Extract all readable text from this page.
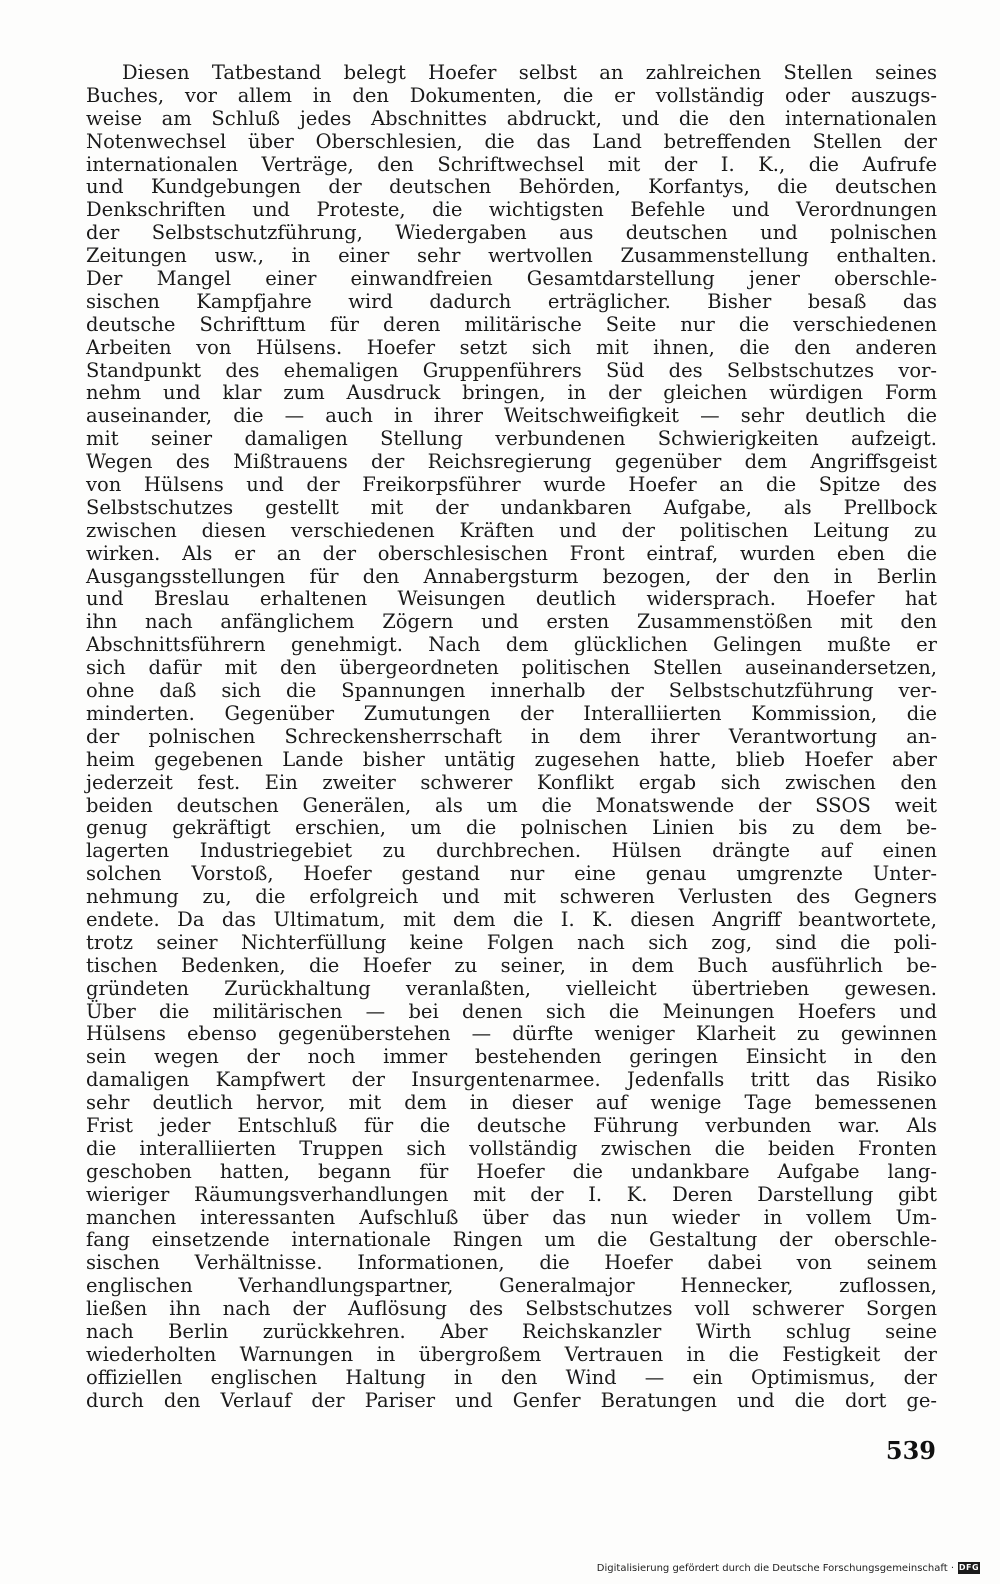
Diesen Tatbestand belegt Hoefer selbst an zahlreichen Stellen seines
Buches, vor allem in den Dokumenten, die er vollständig oder auszugs-
weise am Schluß jedes Abschnittes abdruckt, und die den internationalen
Notenwechsel über Oberschlesien, die das Land betreffenden Stellen der
internationalen Verträge, den Schriftwechsel mit der I. K., die Aufrufe
und Kundgebungen der deutschen Behörden, Korfantys, die deutschen
Denkschriften und Proteste, die wichtigsten Befehle und Verordnungen
der Selbstschutzführung, Wiedergaben aus deutschen und polnischen
Zeitungen usw., in einer sehr wertvollen Zusammenstellung enthalten.
Der Mangel einer einwandfreien Gesamtdarstellung jener oberschle-
sischen Kampfjahre wird dadurch erträglicher. Bisher besaß das
deutsche Schrifttum für deren militärische Seite nur die verschiedenen
Arbeiten von Hülsens. Hoefer setzt sich mit ihnen, die den anderen
Standpunkt des ehemaligen Gruppenführers Süd des Selbstschutzes vor-
nehm und klar zum Ausdruck bringen, in der gleichen würdigen Form
auseinander, die — auch in ihrer Weitschweifigkeit — sehr deutlich die
mit seiner damaligen Stellung verbundenen Schwierigkeiten aufzeigt.
Wegen des Mißtrauens der Reichsregierung gegenüber dem Angriffsgeist
von Hülsens und der Freikorpsführer wurde Hoefer an die Spitze des
Selbstschutzes gestellt mit der undankbaren Aufgabe, als Prellbock
zwischen diesen verschiedenen Kräften und der politischen Leitung zu
wirken. Als er an der oberschlesischen Front eintraf, wurden eben die
Ausgangsstellungen für den Annabergsturm bezogen, der den in Berlin
und Breslau erhaltenen Weisungen deutlich widersprach. Hoefer hat
ihn nach anfänglichem Zögern und ersten Zusammenstößen mit den
Abschnittsführern genehmigt. Nach dem glücklichen Gelingen mußte er
sich dafür mit den übergeordneten politischen Stellen auseinandersetzen,
ohne daß sich die Spannungen innerhalb der Selbstschutzführung ver-
minderten. Gegenüber Zumutungen der Interalliierten Kommission, die
der polnischen Schreckensherrschaft in dem ihrer Verantwortung an-
heim gegebenen Lande bisher untätig zugesehen hatte, blieb Hoefer aber
jederzeit fest. Ein zweiter schwerer Konflikt ergab sich zwischen den
beiden deutschen Generälen, als um die Monatswende der SSOS weit
genug gekräftigt erschien, um die polnischen Linien bis zu dem be-
lagerten Industriegebiet zu durchbrechen. Hülsen drängte auf einen
solchen Vorstoß, Hoefer gestand nur eine genau umgrenzte Unter-
nehmung zu, die erfolgreich und mit schweren Verlusten des Gegners
endete. Da das Ultimatum, mit dem die I. K. diesen Angriff beantwortete,
trotz seiner Nichterfüllung keine Folgen nach sich zog, sind die poli-
tischen Bedenken, die Hoefer zu seiner, in dem Buch ausführlich be-
gründeten Zurückhaltung veranlaßten, vielleicht übertrieben gewesen.
Über die militärischen — bei denen sich die Meinungen Hoefers und
Hülsens ebenso gegenüberstehen — dürfte weniger Klarheit zu gewinnen
sein wegen der noch immer bestehenden geringen Einsicht in den
damaligen Kampfwert der Insurgentenarmee. Jedenfalls tritt das Risiko
sehr deutlich hervor, mit dem in dieser auf wenige Tage bemessenen
Frist jeder Entschluß für die deutsche Führung verbunden war. Als
die interalliierten Truppen sich vollständig zwischen die beiden Fronten
geschoben hatten, begann für Hoefer die undankbare Aufgabe lang-
wieriger Räumungsverhandlungen mit der I. K. Deren Darstellung gibt
manchen interessanten Aufschluß über das nun wieder in vollem Um-
fang einsetzende internationale Ringen um die Gestaltung der oberschle-
sischen Verhältnisse. Informationen, die Hoefer dabei von seinem
englischen Verhandlungspartner, Generalmajor Hennecker, zuflossen,
ließen ihn nach der Auflösung des Selbstschutzes voll schwerer Sorgen
nach Berlin zurückkehren. Aber Reichskanzler Wirth schlug seine
wiederholten Warnungen in übergroßem Vertrauen in die Festigkeit der
offiziellen englischen Haltung in den Wind — ein Optimismus, der
durch den Verlauf der Pariser und Genfer Beratungen und die dort ge-
539
Digitalisierung gefördert durch die Deutsche Forschungsgemeinschaft · DFG
